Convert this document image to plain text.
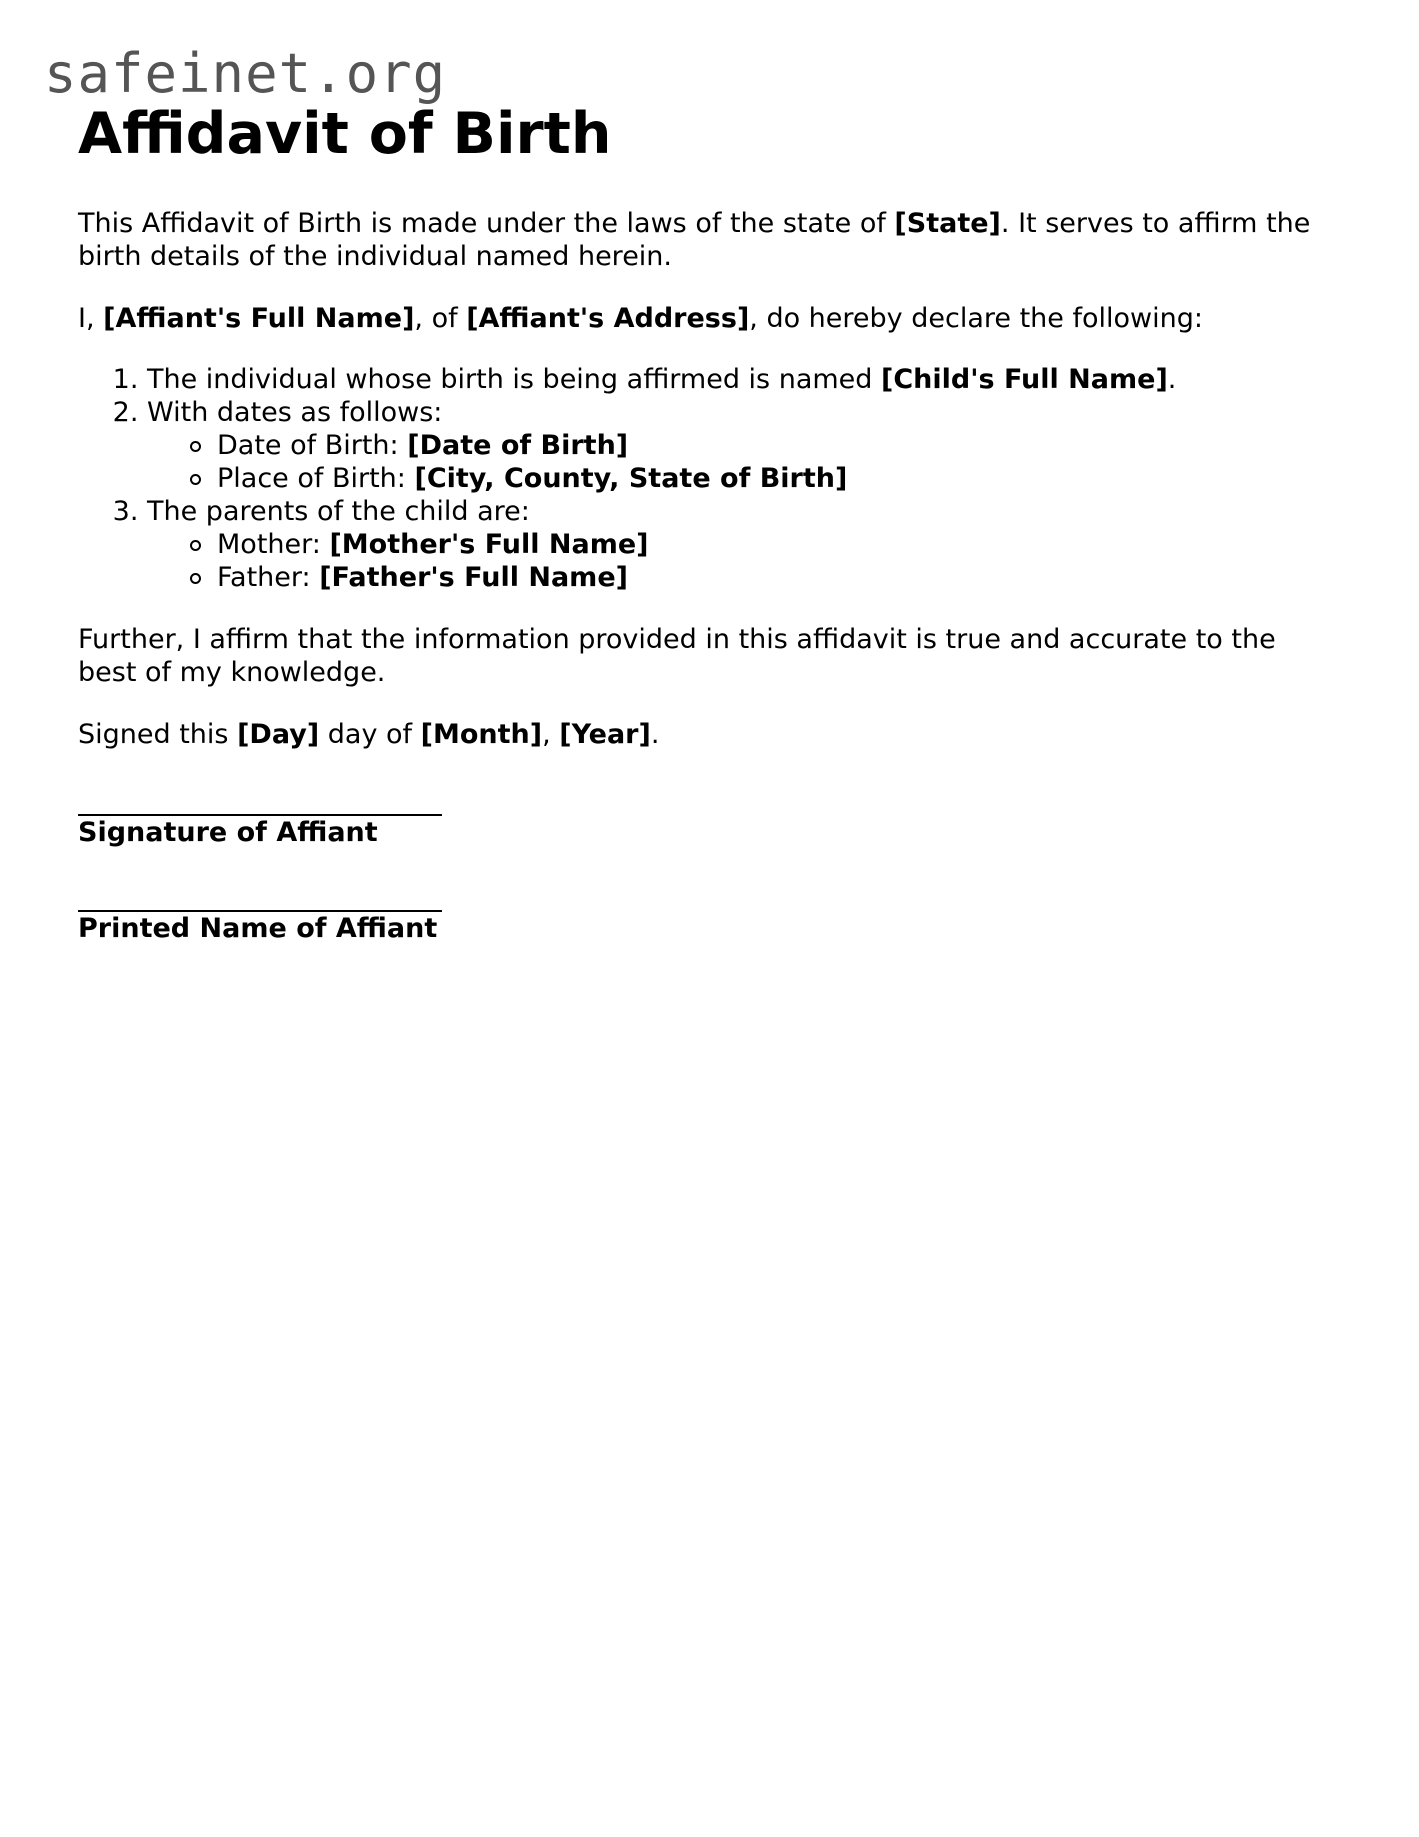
safeinet.org
Affidavit of Birth

This Affidavit of Birth is made under the laws of the state of [State]. It serves to affirm the birth details of the individual named herein.

I, [Affiant's Full Name], of [Affiant's Address], do hereby declare the following:

1. The individual whose birth is being affirmed is named [Child's Full Name].
2. With dates as follows:
Date of Birth: [Date of Birth]
Place of Birth: [City, County, State of Birth]
3. The parents of the child are:
Mother: [Mother's Full Name]
Father: [Father's Full Name]

Further, I affirm that the information provided in this affidavit is true and accurate to the best of my knowledge.

Signed this [Day] day of [Month], [Year].

Signature of Affiant
Printed Name of Affiant
